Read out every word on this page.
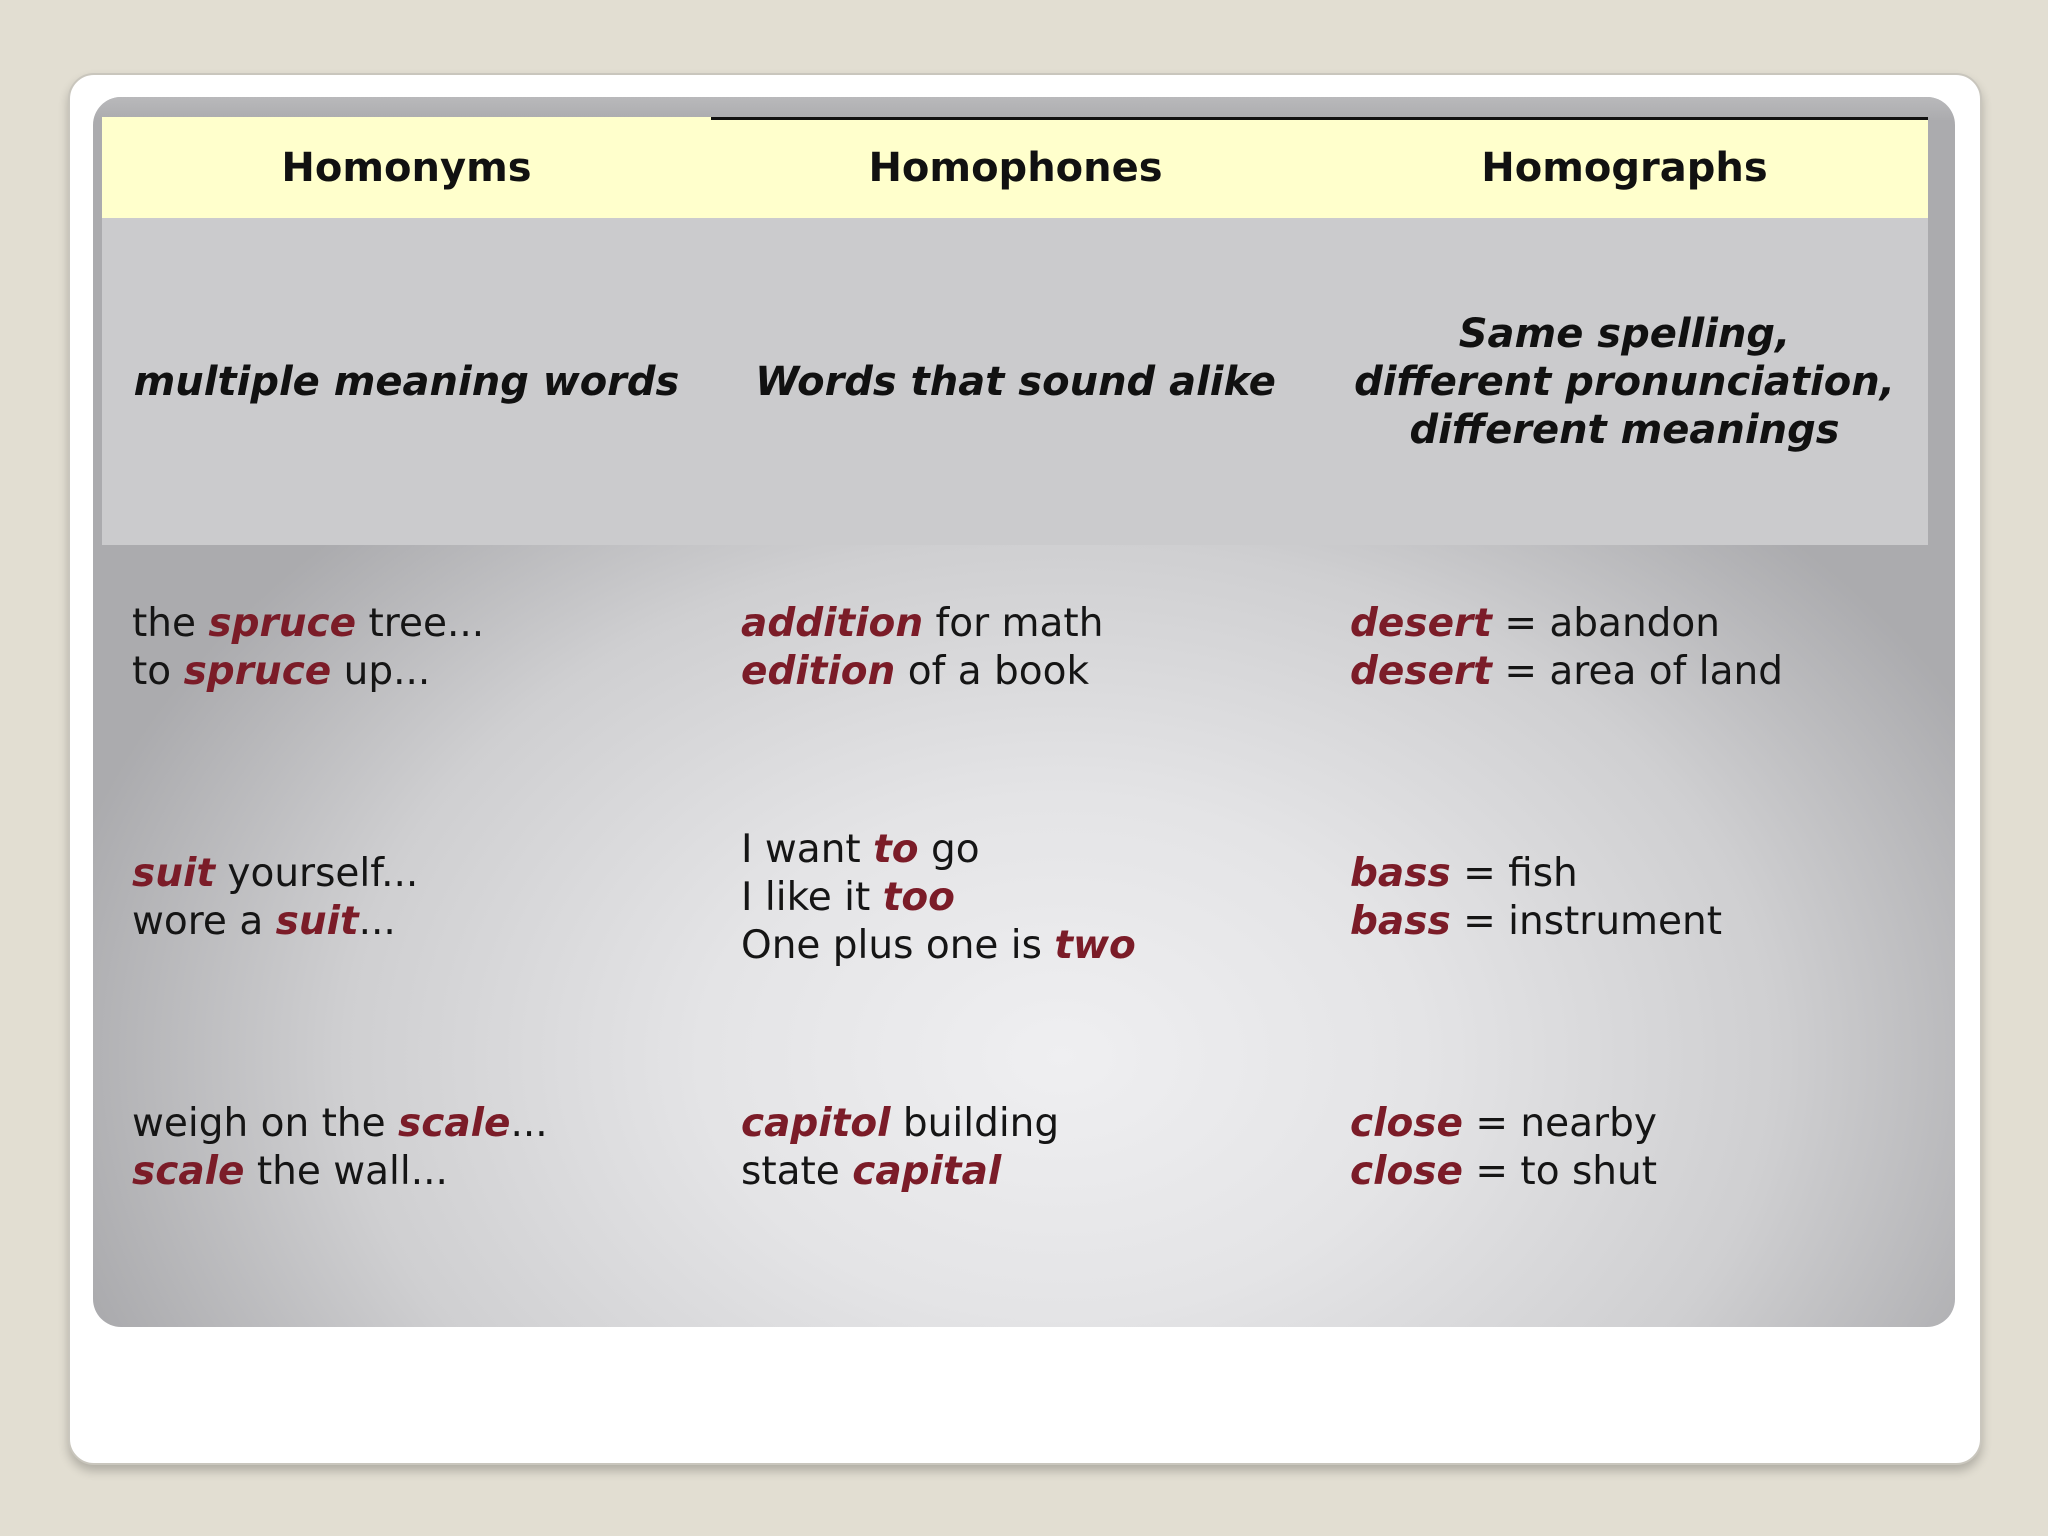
Homonyms	Homophones	Homographs
multiple meaning words Words that sound alike
Same spelling,
different pronunciation,
different meanings
the spruce tree...
to spruce up...
suit yourself...
wore a suit...
weigh on the scale...
scale the wall...
addition for math
edition of a book
I want to go
I like it too
One plus one is two
capitol building
state capital
desert = abandon
desert = area of land
bass = fish
bass = instrument
close = nearby
close = to shut
